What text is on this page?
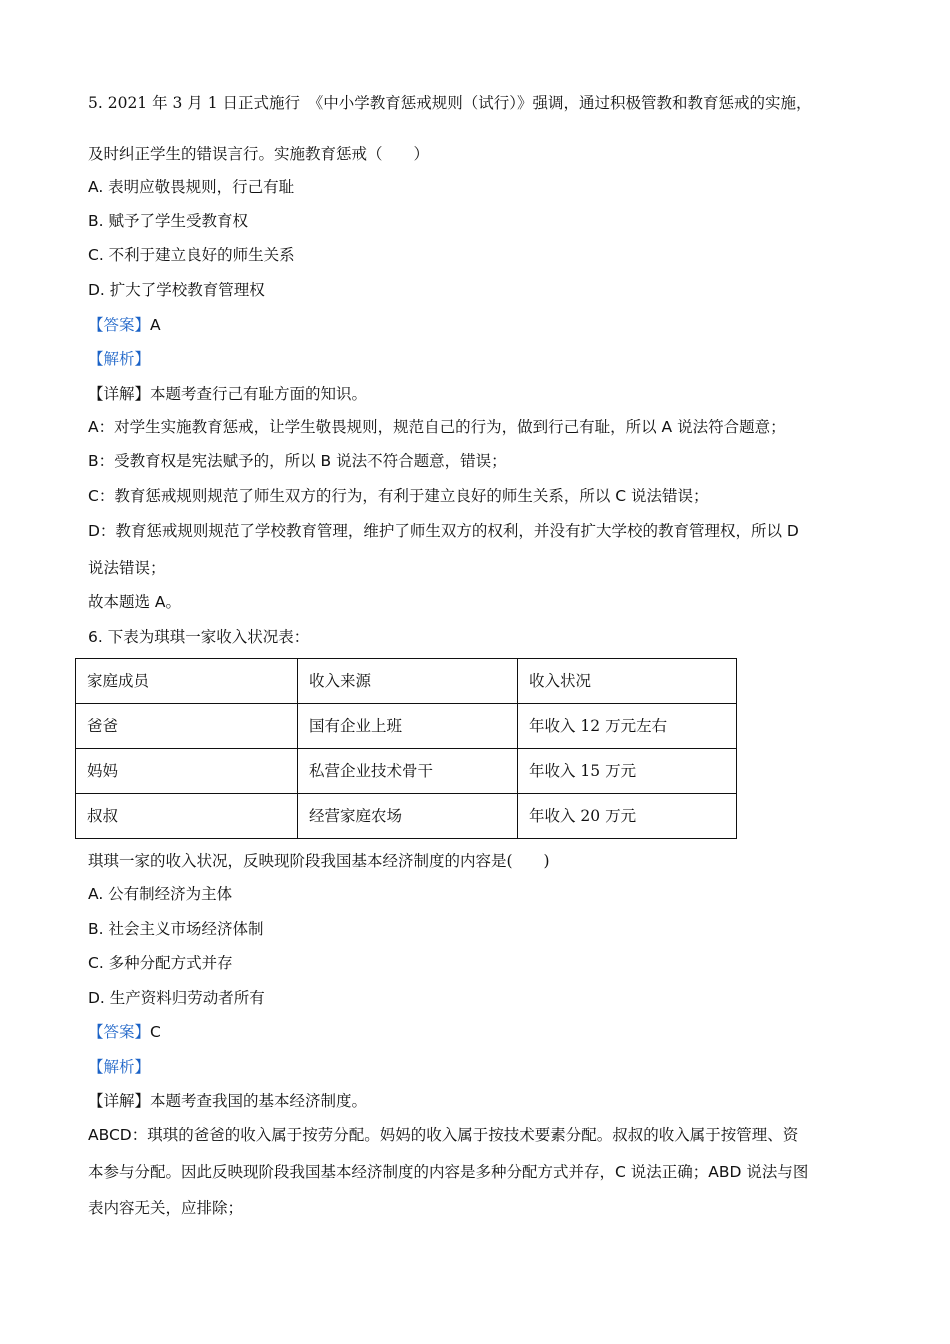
5. 2021 年 3 月 1 日正式施行　《中小学教育惩戒规则（试行）》强调，通过积极管教和教育惩戒的实施，
及时纠正学生的错误言行。实施教育惩戒（　　）
A. 表明应敬畏规则，行己有耻
B. 赋予了学生受教育权
C. 不利于建立良好的师生关系
D. 扩大了学校教育管理权
【答案】A
【解析】
【详解】本题考查行己有耻方面的知识。
A：对学生实施教育惩戒，让学生敬畏规则，规范自己的行为，做到行己有耻，所以 A 说法符合题意；
B：受教育权是宪法赋予的，所以 B 说法不符合题意，错误；
C：教育惩戒规则规范了师生双方的行为，有利于建立良好的师生关系，所以 C 说法错误；
D：教育惩戒规则规范了学校教育管理，维护了师生双方的权利，并没有扩大学校的教育管理权，所以 D
说法错误；
故本题选 A。
6. 下表为琪琪一家收入状况表：
家庭成员	收入来源	收入状况
爸爸	国有企业上班	年收入 12 万元左右
妈妈	私营企业技术骨干	年收入 15 万元
叔叔	经营家庭农场	年收入 20 万元
琪琪一家的收入状况，反映现阶段我国基本经济制度的内容是(　　)
A. 公有制经济为主体
B. 社会主义市场经济体制
C. 多种分配方式并存
D. 生产资料归劳动者所有
【答案】C
【解析】
【详解】本题考查我国的基本经济制度。
ABCD：琪琪的爸爸的收入属于按劳分配。妈妈的收入属于按技术要素分配。叔叔的收入属于按管理、资
本参与分配。因此反映现阶段我国基本经济制度的内容是多种分配方式并存，C 说法正确；ABD 说法与图
表内容无关，应排除；
